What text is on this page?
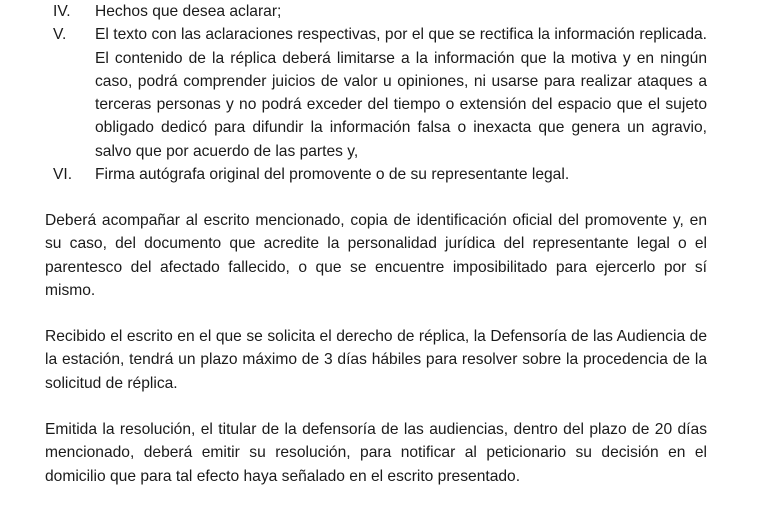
IV. Hechos que desea aclarar;
V. El texto con las aclaraciones respectivas, por el que se rectifica la información replicada. El contenido de la réplica deberá limitarse a la información que la motiva y en ningún caso, podrá comprender juicios de valor u opiniones, ni usarse para realizar ataques a terceras personas y no podrá exceder del tiempo o extensión del espacio que el sujeto obligado dedicó para difundir la información falsa o inexacta que genera un agravio, salvo que por acuerdo de las partes y,
VI. Firma autógrafa original del promovente o de su representante legal.

Deberá acompañar al escrito mencionado, copia de identificación oficial del promovente y, en su caso, del documento que acredite la personalidad jurídica del representante legal o el parentesco del afectado fallecido, o que se encuentre imposibilitado para ejercerlo por sí mismo.

Recibido el escrito en el que se solicita el derecho de réplica, la Defensoría de las Audiencia de la estación, tendrá un plazo máximo de 3 días hábiles para resolver sobre la procedencia de la solicitud de réplica.

Emitida la resolución, el titular de la defensoría de las audiencias, dentro del plazo de 20 días mencionado, deberá emitir su resolución, para notificar al peticionario su decisión en el domicilio que para tal efecto haya señalado en el escrito presentado.
